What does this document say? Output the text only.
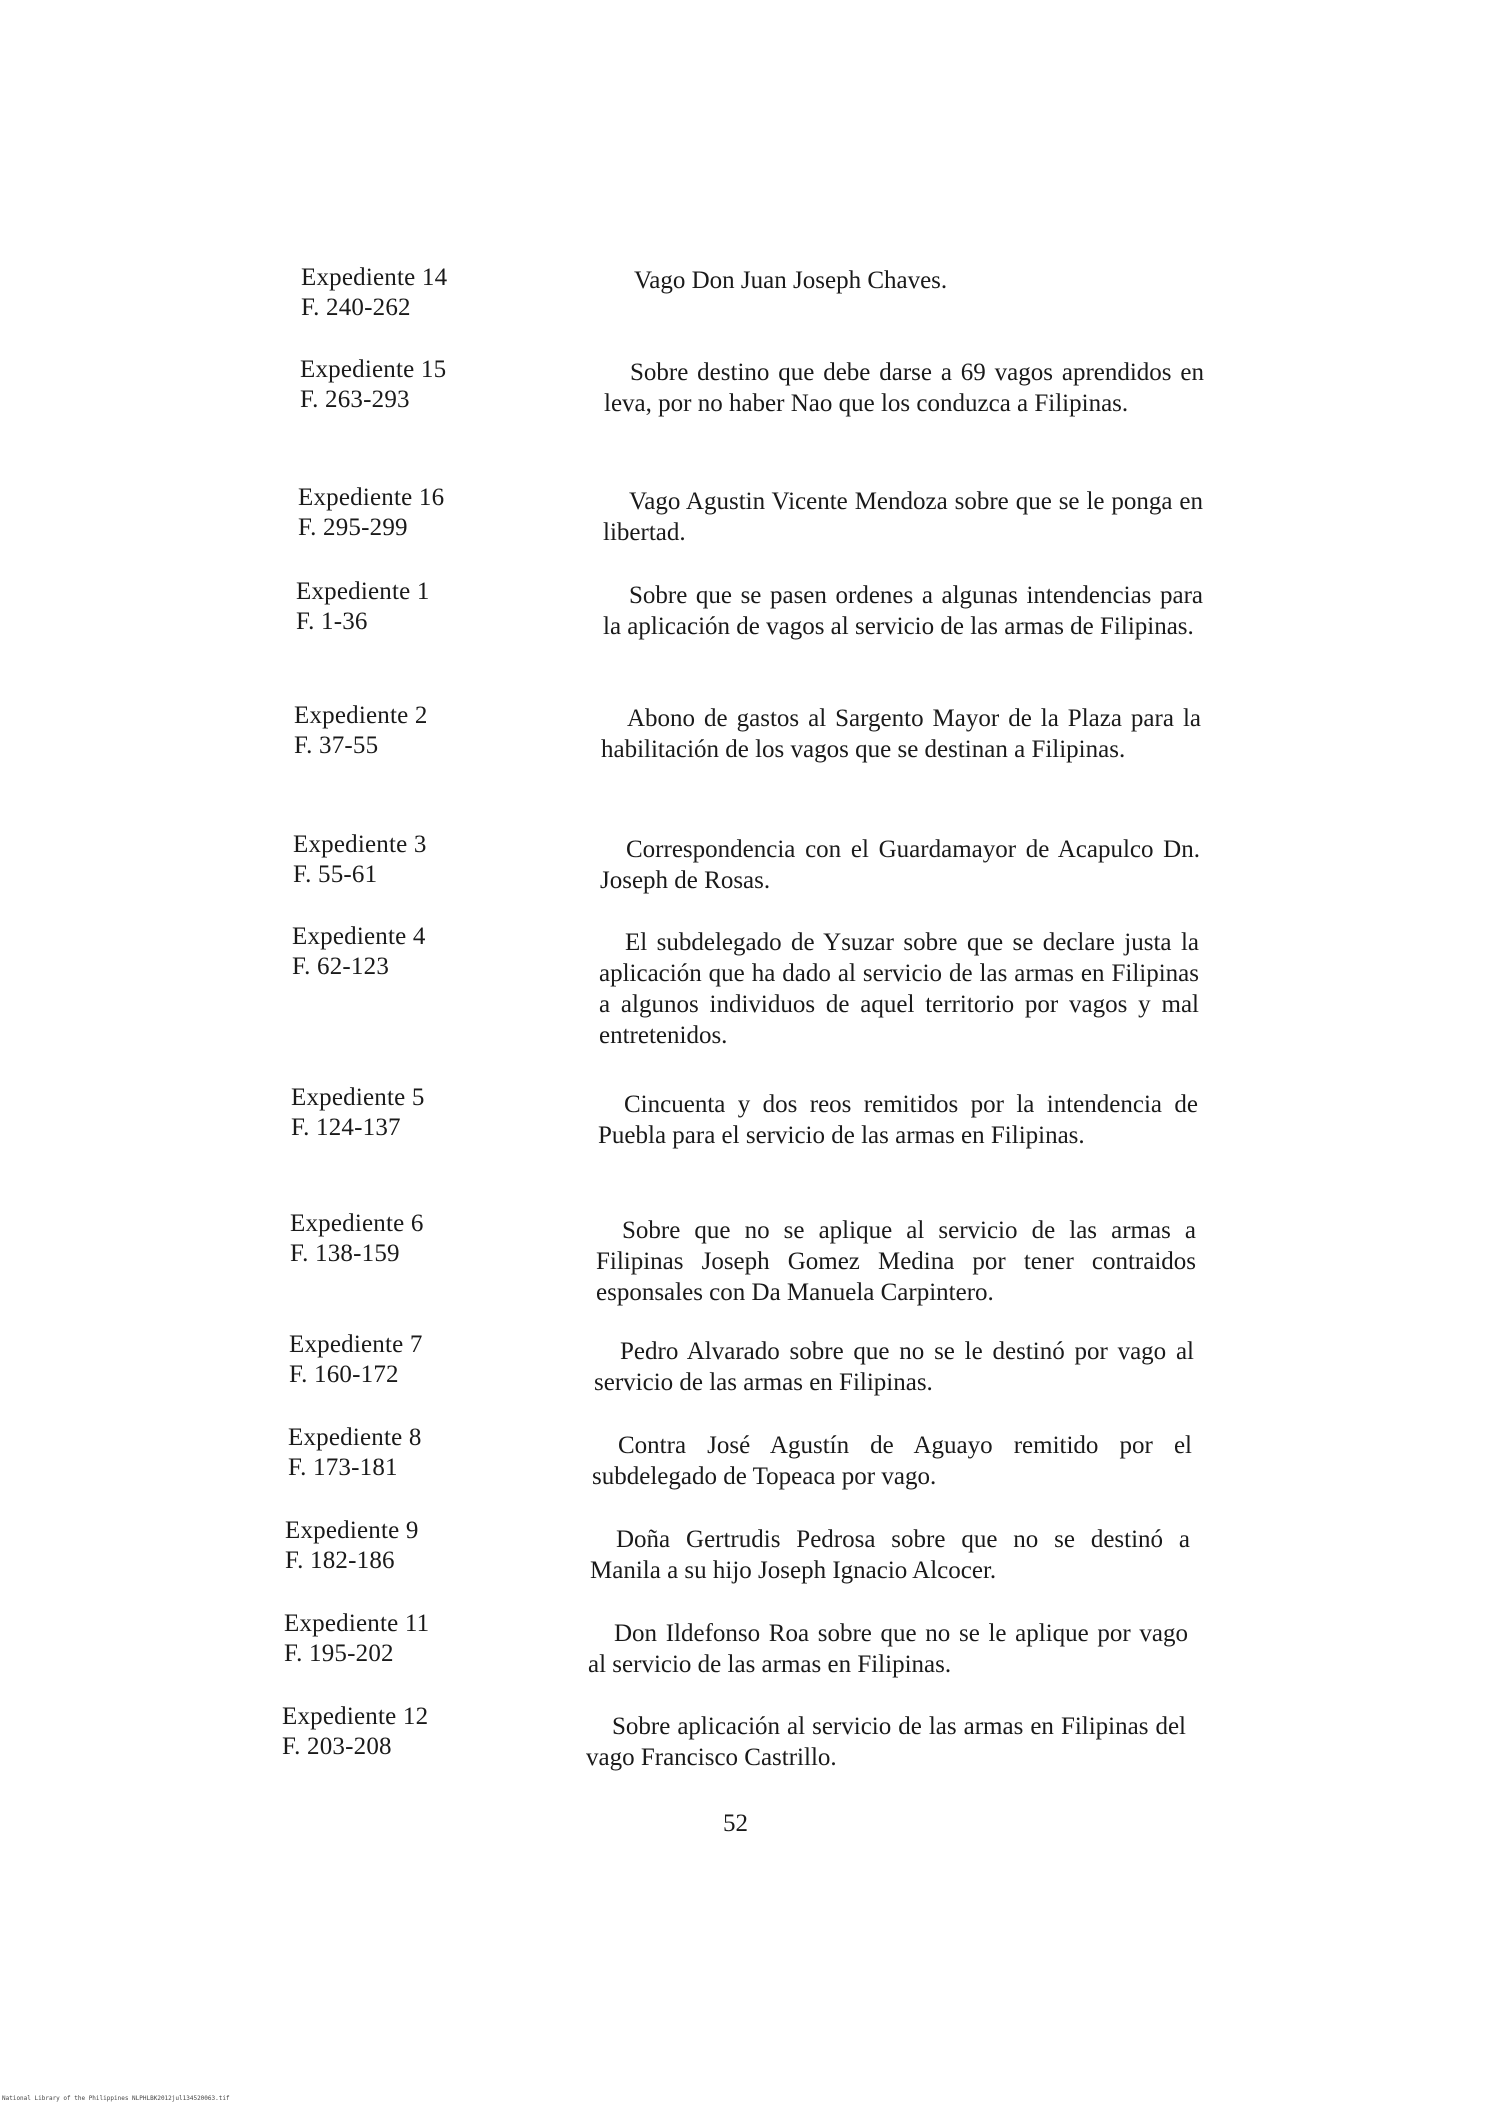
Expediente 14
F. 240-262
Vago Don Juan Joseph Chaves.
Expediente 15
F. 263-293
Sobre destino que debe darse a 69 vagos aprendidos en leva, por no haber Nao que los conduzca a Filipinas.
Expediente 16
F. 295-299
Vago Agustin Vicente Mendoza sobre que se le ponga en libertad.
Expediente 1
F. 1-36
Sobre que se pasen ordenes a algunas intendencias para la aplicación de vagos al servicio de las armas de Filipinas.
Expediente 2
F. 37-55
Abono de gastos al Sargento Mayor de la Plaza para la habilitación de los vagos que se destinan a Filipinas.
Expediente 3
F. 55-61
Correspondencia con el Guardamayor de Acapulco Dn. Joseph de Rosas.
Expediente 4
F. 62-123
El subdelegado de Ysuzar sobre que se declare justa la aplicación que ha dado al servicio de las armas en Filipinas a algunos individuos de aquel territorio por vagos y mal entretenidos.
Expediente 5
F. 124-137
Cincuenta y dos reos remitidos por la intendencia de Puebla para el servicio de las armas en Filipinas.
Expediente 6
F. 138-159
Sobre que no se aplique al servicio de las armas a Filipinas Joseph Gomez Medina por tener contraidos esponsales con Da Manuela Carpintero.
Expediente 7
F. 160-172
Pedro Alvarado sobre que no se le destinó por vago al servicio de las armas en Filipinas.
Expediente 8
F. 173-181
Contra José Agustín de Aguayo remitido por el subdelegado de Topeaca por vago.
Expediente 9
F. 182-186
Doña Gertrudis Pedrosa sobre que no se destinó a Manila a su hijo Joseph Ignacio Alcocer.
Expediente 11
F. 195-202
Don Ildefonso Roa sobre que no se le aplique por vago al servicio de las armas en Filipinas.
Expediente 12
F. 203-208
Sobre aplicación al servicio de las armas en Filipinas del vago Francisco Castrillo.
52
National Library of the Philippines NLPHLBK2012jul134520063.tif
